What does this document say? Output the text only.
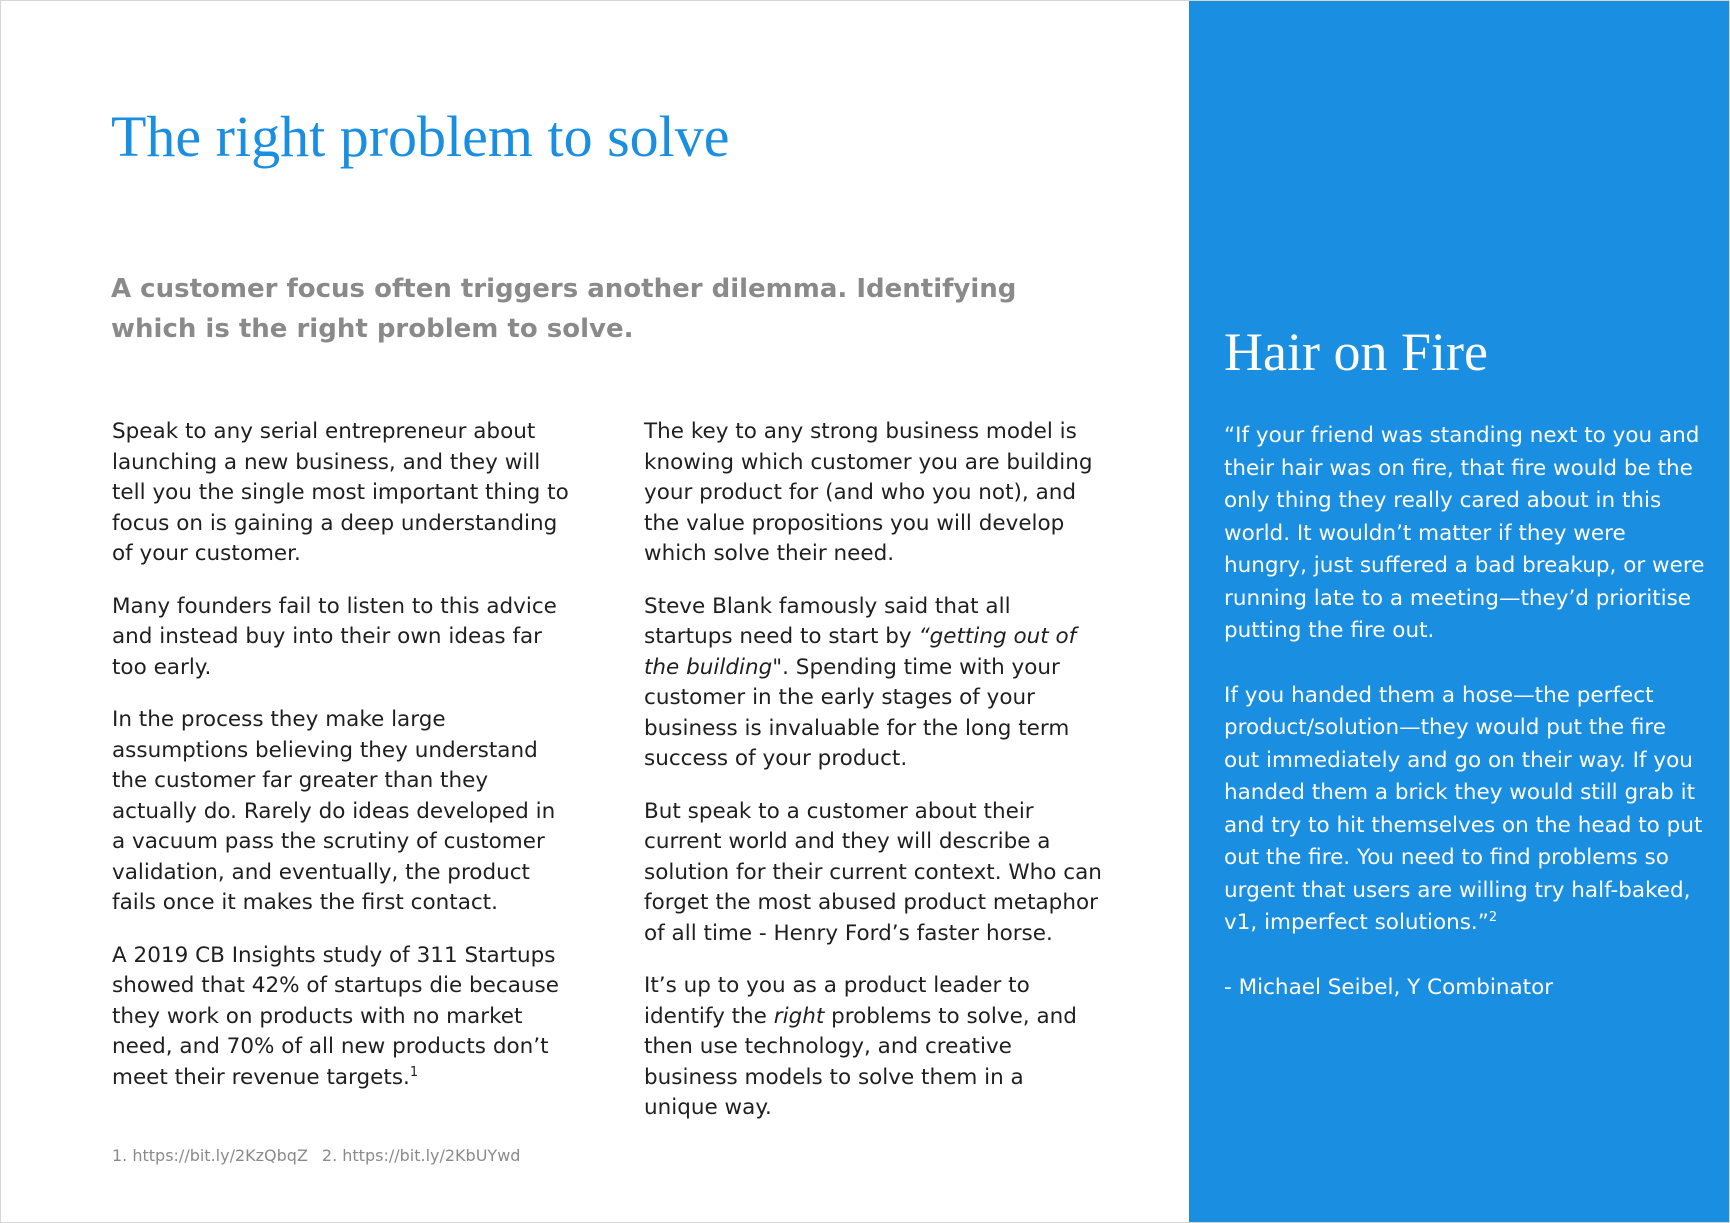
The right problem to solve

A customer focus often triggers another dilemma. Identifying which is the right problem to solve.

Speak to any serial entrepreneur about launching a new business, and they will tell you the single most important thing to focus on is gaining a deep understanding of your customer.

Many founders fail to listen to this advice and instead buy into their own ideas far too early.

In the process they make large assumptions believing they understand the customer far greater than they actually do. Rarely do ideas developed in a vacuum pass the scrutiny of customer validation, and eventually, the product fails once it makes the first contact.

A 2019 CB Insights study of 311 Startups showed that 42% of startups die because they work on products with no market need, and 70% of all new products don’t meet their revenue targets.$^1$

The key to any strong business model is knowing which customer you are building your product for (and who you not), and the value propositions you will develop which solve their need.

Steve Blank famously said that all startups need to start by “getting out of the building". Spending time with your customer in the early stages of your business is invaluable for the long term success of your product.

But speak to a customer about their current world and they will describe a solution for their current context. Who can forget the most abused product metaphor of all time - Henry Ford’s faster horse.

It’s up to you as a product leader to identify the right problems to solve, and then use technology, and creative business models to solve them in a unique way.

1. https://bit.ly/2KzQbqZ 2. https://bit.ly/2KbUYwd
Hair on Fire

“If your friend was standing next to you and their hair was on fire, that fire would be the only thing they really cared about in this world. It wouldn’t matter if they were hungry, just suffered a bad breakup, or were running late to a meeting—they’d prioritise putting the fire out.

If you handed them a hose—the perfect product/solution—they would put the fire out immediately and go on their way. If you handed them a brick they would still grab it and try to hit themselves on the head to put out the fire. You need to find problems so urgent that users are willing try half-baked, v1, imperfect solutions.”$^2$

- Michael Seibel, Y Combinator
